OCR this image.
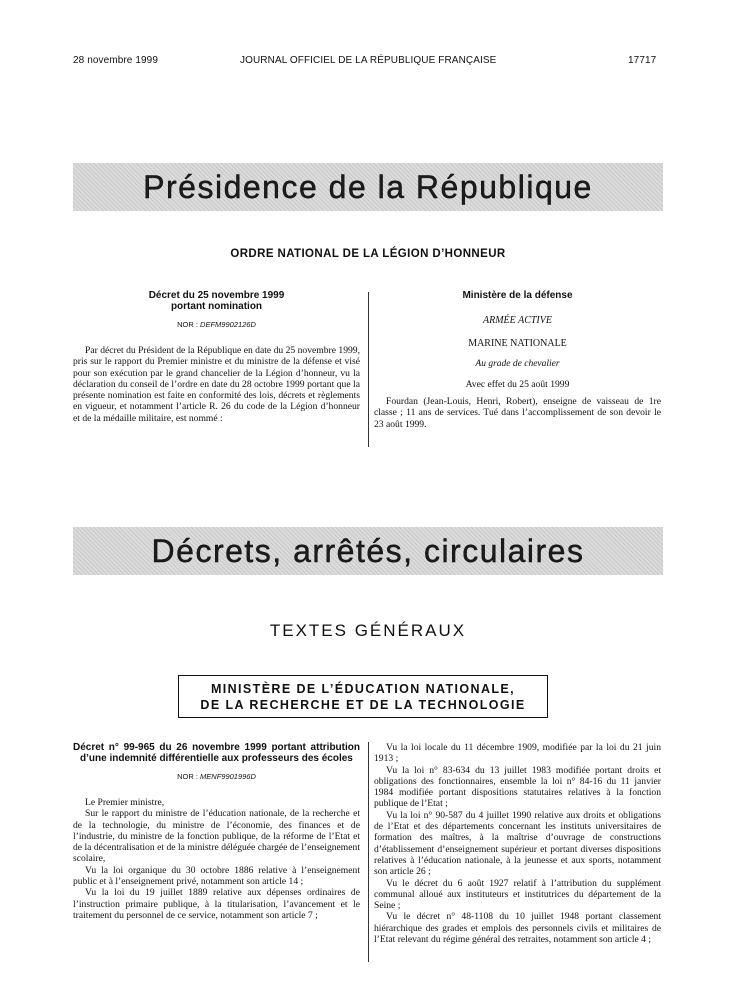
28 novembre 1999	JOURNAL OFFICIEL DE LA RÉPUBLIQUE FRANÇAISE	17717
Présidence de la République
ORDRE NATIONAL DE LA LÉGION D’HONNEUR
Décret du 25 novembre 1999
portant nomination
NOR : DEFM9902126D

Par décret du Président de la République en date du 25 novembre 1999, pris sur le rapport du Premier ministre et du ministre de la défense et visé pour son exécution par le grand chancelier de la Légion d’honneur, vu la déclaration du conseil de l’ordre en date du 28 octobre 1999 portant que la présente nomination est faite en conformité des lois, décrets et règlements en vigueur, et notamment l’article R. 26 du code de la Légion d’honneur et de la médaille militaire, est nommé :

Ministère de la défense
ARMÉE ACTIVE
MARINE NATIONALE
Au grade de chevalier
Avec effet du 25 août 1999

Fourdan (Jean-Louis, Henri, Robert), enseigne de vaisseau de 1re classe ; 11 ans de services. Tué dans l’accomplissement de son devoir le 23 août 1999.

Décrets, arrêtés, circulaires
TEXTES GÉNÉRAUX
MINISTÈRE DE L’ÉDUCATION NATIONALE,
DE LA RECHERCHE ET DE LA TECHNOLOGIE
Décret n° 99-965 du 26 novembre 1999 portant attribution d’une indemnité différentielle aux professeurs des écoles
NOR : MENF9901996D

Le Premier ministre,

Sur le rapport du ministre de l’éducation nationale, de la recherche et de la technologie, du ministre de l’économie, des finances et de l’industrie, du ministre de la fonction publique, de la réforme de l’Etat et de la décentralisation et de la ministre déléguée chargée de l’enseignement scolaire,

Vu la loi organique du 30 octobre 1886 relative à l’enseignement public et à l’enseignement privé, notamment son article 14 ;

Vu la loi du 19 juillet 1889 relative aux dépenses ordinaires de l’instruction primaire publique, à la titularisation, l’avancement et le traitement du personnel de ce service, notamment son article 7 ;

Vu la loi locale du 11 décembre 1909, modifiée par la loi du 21 juin 1913 ;

Vu la loi n° 83-634 du 13 juillet 1983 modifiée portant droits et obligations des fonctionnaires, ensemble la loi n° 84-16 du 11 janvier 1984 modifiée portant dispositions statutaires relatives à la fonction publique de l’Etat ;

Vu la loi n° 90-587 du 4 juillet 1990 relative aux droits et obligations de l’Etat et des départements concernant les instituts universitaires de formation des maîtres, à la maîtrise d’ouvrage de constructions d’établissement d’enseignement supérieur et portant diverses dispositions relatives à l’éducation nationale, à la jeunesse et aux sports, notamment son article 26 ;

Vu le décret du 6 août 1927 relatif à l’attribution du supplément communal alloué aux instituteurs et institutrices du département de la Seine ;

Vu le décret n° 48-1108 du 10 juillet 1948 portant classement hiérarchique des grades et emplois des personnels civils et militaires de l’Etat relevant du régime général des retraites, notamment son article 4 ;
